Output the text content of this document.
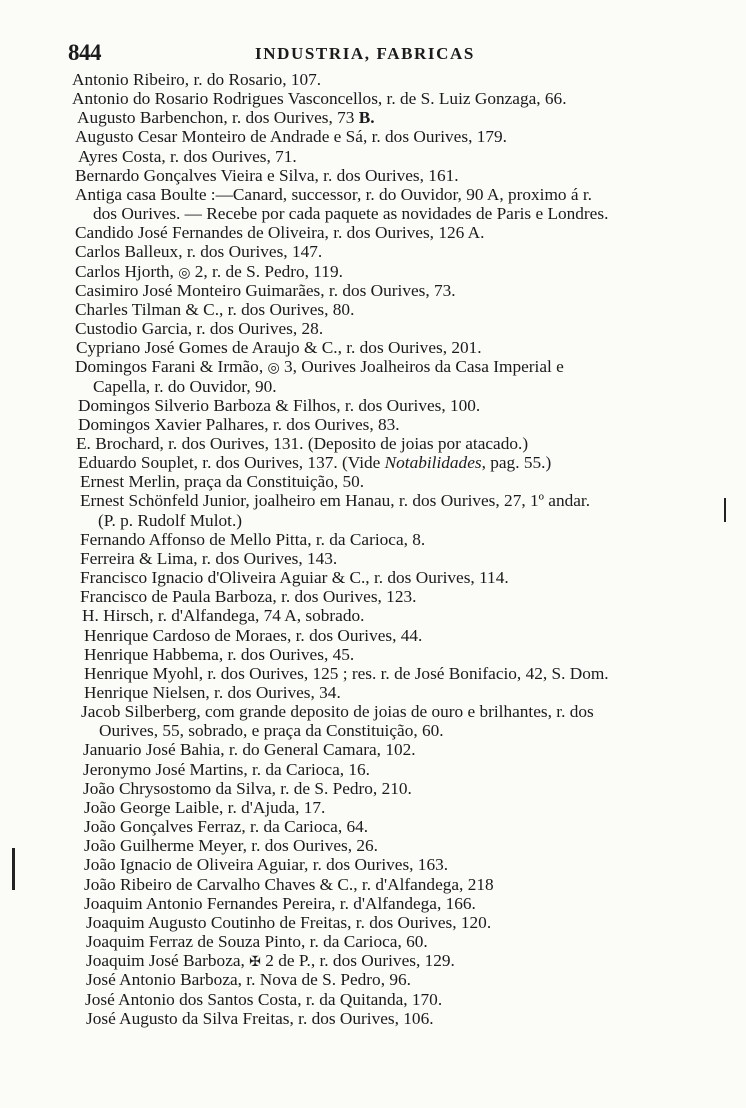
844	INDUSTRIA, FABRICAS
Antonio Ribeiro, r. do Rosario, 107.
Antonio do Rosario Rodrigues Vasconcellos, r. de S. Luiz Gonzaga, 66.
Augusto Barbenchon, r. dos Ourives, 73 B.
Augusto Cesar Monteiro de Andrade e Sá, r. dos Ourives, 179.
Ayres Costa, r. dos Ourives, 71.
Bernardo Gonçalves Vieira e Silva, r. dos Ourives, 161.
Antiga casa Boulte :—Canard, successor, r. do Ouvidor, 90 A, proximo á r.
dos Ourives. — Recebe por cada paquete as novidades de Paris e Londres.
Candido José Fernandes de Oliveira, r. dos Ourives, 126 A.
Carlos Balleux, r. dos Ourives, 147.
Carlos Hjorth, ◎ 2, r. de S. Pedro, 119.
Casimiro José Monteiro Guimarães, r. dos Ourives, 73.
Charles Tilman & C., r. dos Ourives, 80.
Custodio Garcia, r. dos Ourives, 28.
Cypriano José Gomes de Araujo & C., r. dos Ourives, 201.
Domingos Farani & Irmão, ◎ 3, Ourives Joalheiros da Casa Imperial e
Capella, r. do Ouvidor, 90.
Domingos Silverio Barboza & Filhos, r. dos Ourives, 100.
Domingos Xavier Palhares, r. dos Ourives, 83.
E. Brochard, r. dos Ourives, 131. (Deposito de joias por atacado.)
Eduardo Souplet, r. dos Ourives, 137. (Vide Notabilidades, pag. 55.)
Ernest Merlin, praça da Constituição, 50.
Ernest Schönfeld Junior, joalheiro em Hanau, r. dos Ourives, 27, 1º andar.
(P. p. Rudolf Mulot.)
Fernando Affonso de Mello Pitta, r. da Carioca, 8.
Ferreira & Lima, r. dos Ourives, 143.
Francisco Ignacio d'Oliveira Aguiar & C., r. dos Ourives, 114.
Francisco de Paula Barboza, r. dos Ourives, 123.
H. Hirsch, r. d'Alfandega, 74 A, sobrado.
Henrique Cardoso de Moraes, r. dos Ourives, 44.
Henrique Habbema, r. dos Ourives, 45.
Henrique Myohl, r. dos Ourives, 125 ; res. r. de José Bonifacio, 42, S. Dom.
Henrique Nielsen, r. dos Ourives, 34.
Jacob Silberberg, com grande deposito de joias de ouro e brilhantes, r. dos
Ourives, 55, sobrado, e praça da Constituição, 60.
Januario José Bahia, r. do General Camara, 102.
Jeronymo José Martins, r. da Carioca, 16.
João Chrysostomo da Silva, r. de S. Pedro, 210.
João George Laible, r. d'Ajuda, 17.
João Gonçalves Ferraz, r. da Carioca, 64.
João Guilherme Meyer, r. dos Ourives, 26.
João Ignacio de Oliveira Aguiar, r. dos Ourives, 163.
João Ribeiro de Carvalho Chaves & C., r. d'Alfandega, 218
Joaquim Antonio Fernandes Pereira, r. d'Alfandega, 166.
Joaquim Augusto Coutinho de Freitas, r. dos Ourives, 120.
Joaquim Ferraz de Souza Pinto, r. da Carioca, 60.
Joaquim José Barboza, ✠ 2 de P., r. dos Ourives, 129.
José Antonio Barboza, r. Nova de S. Pedro, 96.
José Antonio dos Santos Costa, r. da Quitanda, 170.
José Augusto da Silva Freitas, r. dos Ourives, 106.
